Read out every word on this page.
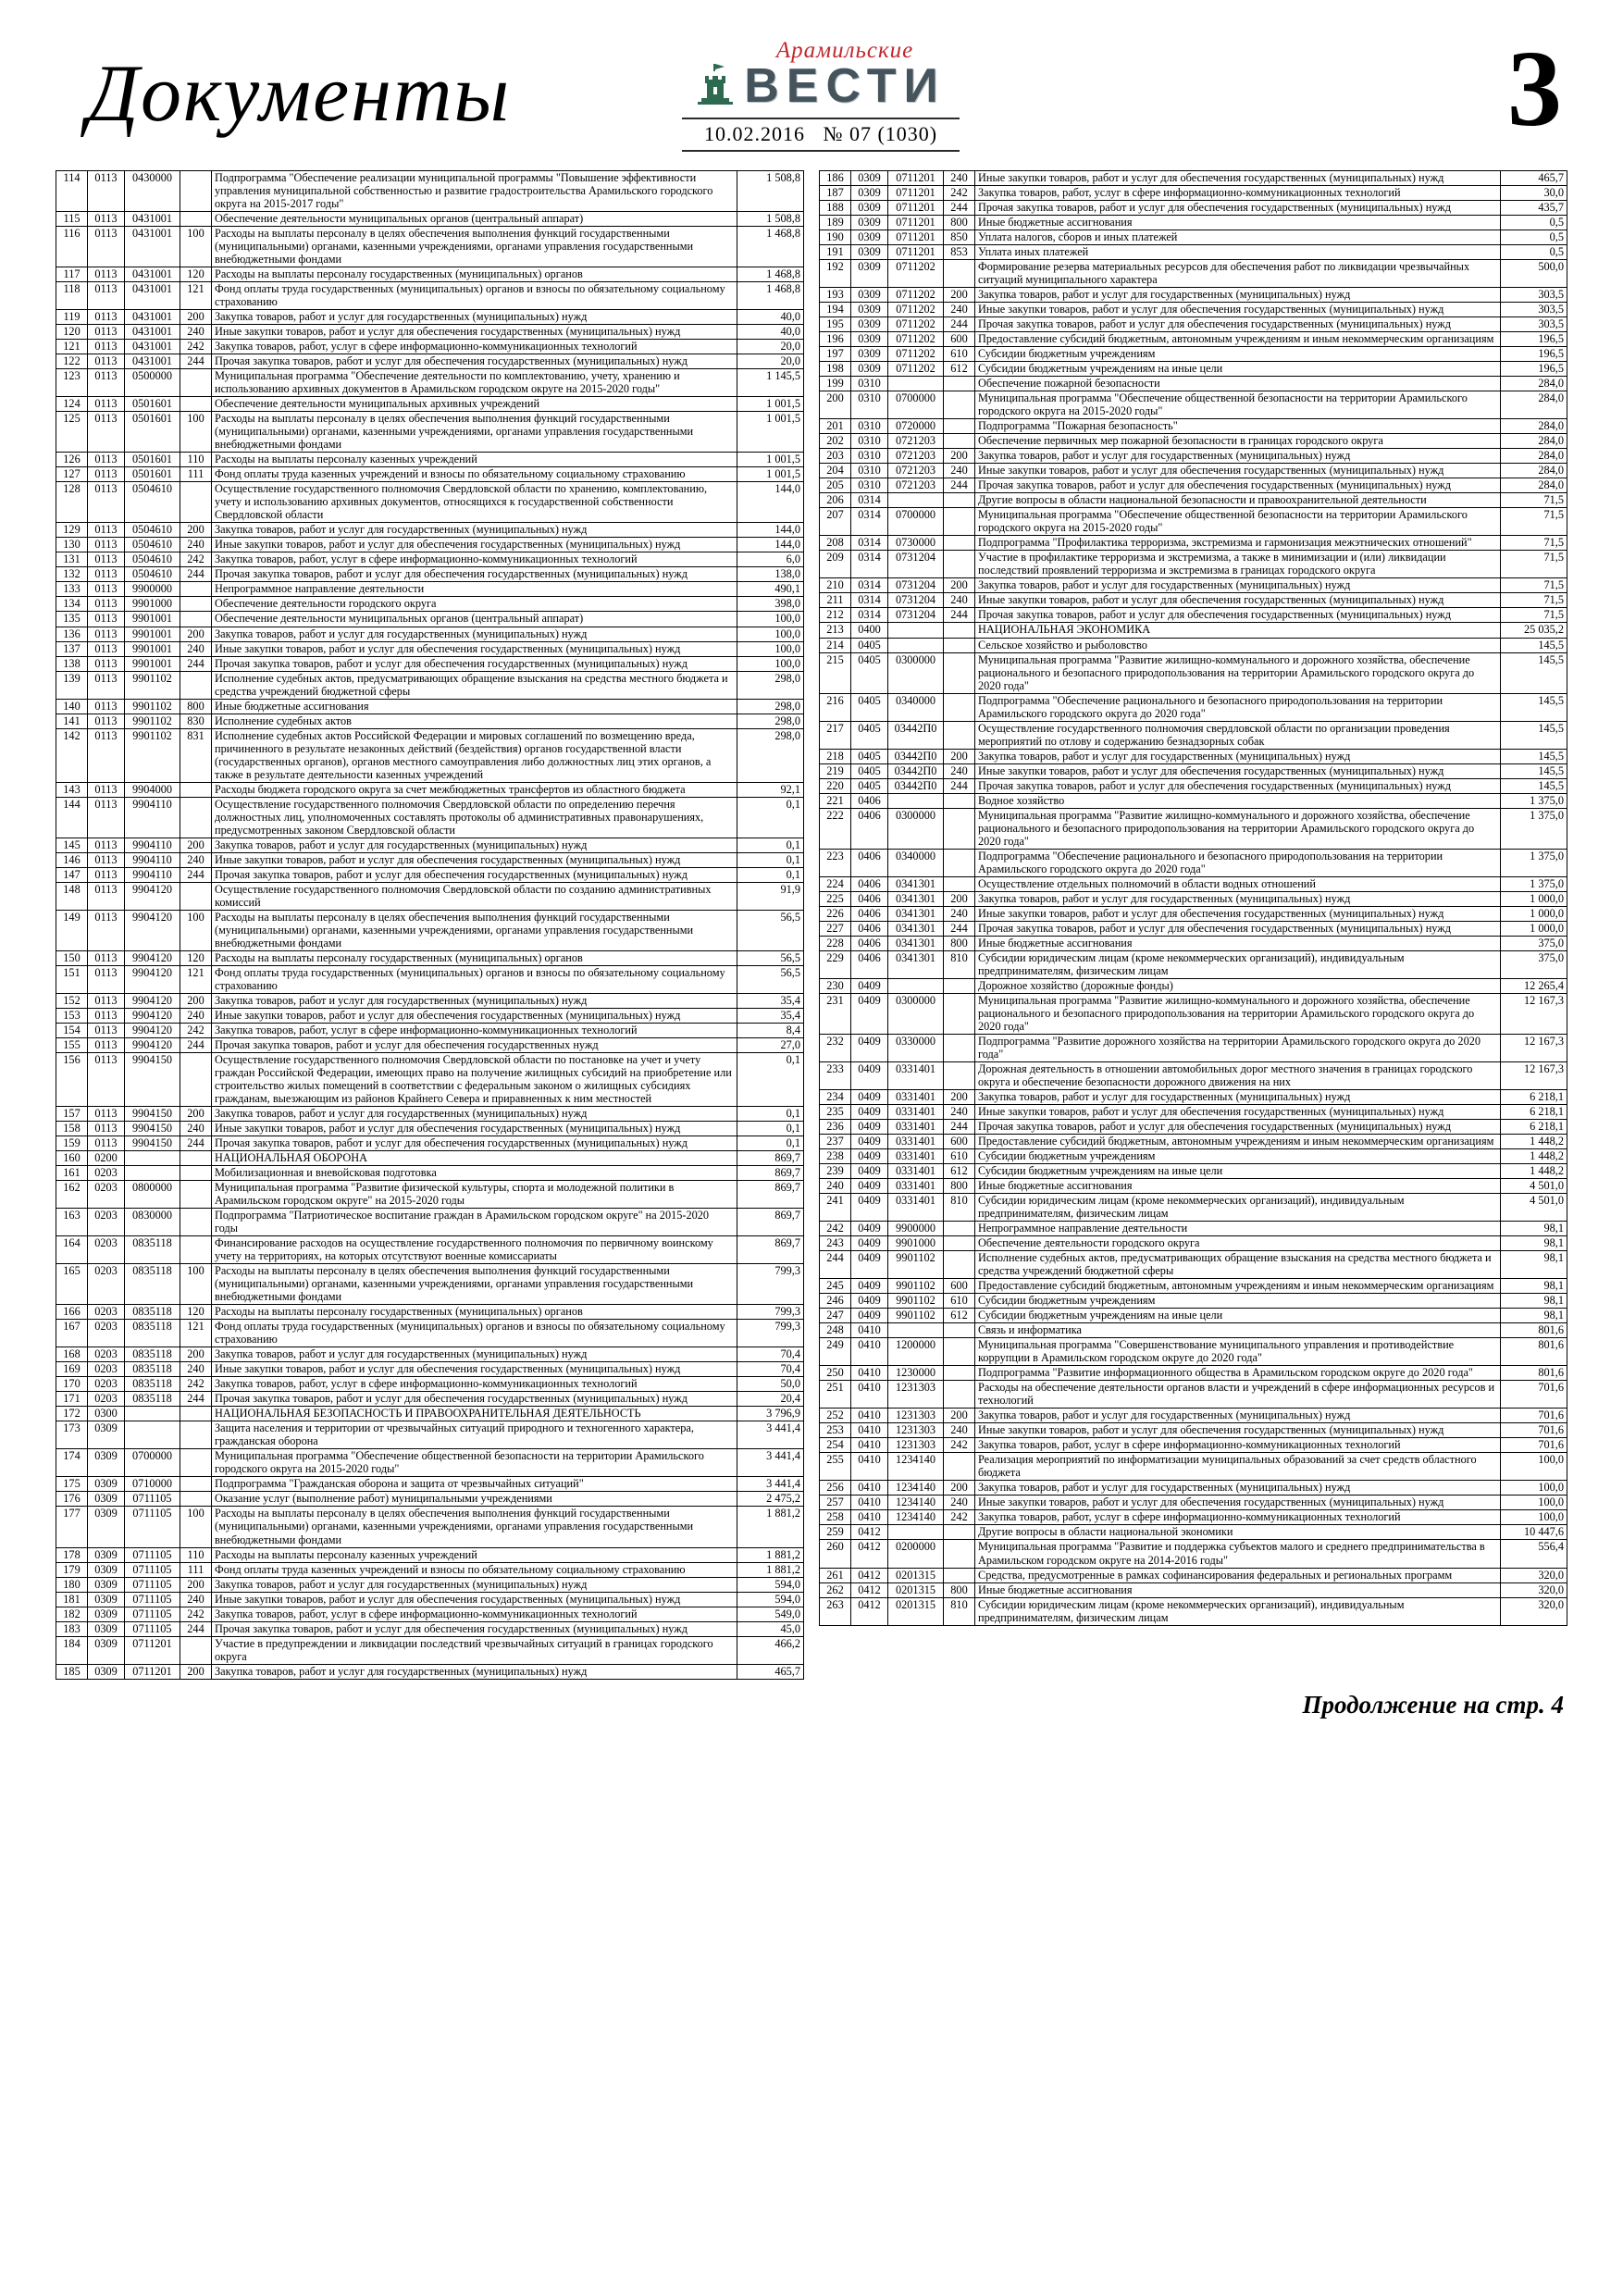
Документы	Арамильские
ВЕСТИ
10.02.2016 № 07 (1030)	3
114	0113	0430000		Подпрограмма "Обеспечение реализации муниципальной программы "Повышение эффективности управления муниципальной собственностью и развитие градостроительства Арамильского городского округа на 2015-2017 годы"	1 508,8
115	0113	0431001		Обеспечение деятельности муниципальных органов (центральный аппарат)	1 508,8
116	0113	0431001	100	Расходы на выплаты персоналу в целях обеспечения выполнения функций государственными (муниципальными) органами, казенными учреждениями, органами управления государственными внебюджетными фондами	1 468,8
117	0113	0431001	120	Расходы на выплаты персоналу государственных (муниципальных) органов	1 468,8
118	0113	0431001	121	Фонд оплаты труда государственных (муниципальных) органов и взносы по обязательному социальному страхованию	1 468,8
119	0113	0431001	200	Закупка товаров, работ и услуг для государственных (муниципальных) нужд	40,0
120	0113	0431001	240	Иные закупки товаров, работ и услуг для обеспечения государственных (муниципальных) нужд	40,0
121	0113	0431001	242	Закупка товаров, работ, услуг в сфере информационно-коммуникационных технологий	20,0
122	0113	0431001	244	Прочая закупка товаров, работ и услуг для обеспечения государственных (муниципальных) нужд	20,0
123	0113	0500000		Муниципальная программа "Обеспечение деятельности по комплектованию, учету, хранению и использованию архивных документов в Арамильском городском округе на 2015-2020 годы"	1 145,5
124	0113	0501601		Обеспечение деятельности муниципальных архивных учреждений	1 001,5
125	0113	0501601	100	Расходы на выплаты персоналу в целях обеспечения выполнения функций государственными (муниципальными) органами, казенными учреждениями, органами управления государственными внебюджетными фондами	1 001,5
126	0113	0501601	110	Расходы на выплаты персоналу казенных учреждений	1 001,5
127	0113	0501601	111	Фонд оплаты труда казенных учреждений и взносы по обязательному социальному страхованию	1 001,5
128	0113	0504610		Осуществление государственного полномочия Свердловской области по хранению, комплектованию, учету и использованию архивных документов, относящихся к государственной собственности Свердловской области	144,0
129	0113	0504610	200	Закупка товаров, работ и услуг для государственных (муниципальных) нужд	144,0
130	0113	0504610	240	Иные закупки товаров, работ и услуг для обеспечения государственных (муниципальных) нужд	144,0
131	0113	0504610	242	Закупка товаров, работ, услуг в сфере информационно-коммуникационных технологий	6,0
132	0113	0504610	244	Прочая закупка товаров, работ и услуг для обеспечения государственных (муниципальных) нужд	138,0
133	0113	9900000		Непрограммное направление деятельности	490,1
134	0113	9901000		Обеспечение деятельности городского округа	398,0
135	0113	9901001		Обеспечение деятельности муниципальных органов (центральный аппарат)	100,0
136	0113	9901001	200	Закупка товаров, работ и услуг для государственных (муниципальных) нужд	100,0
137	0113	9901001	240	Иные закупки товаров, работ и услуг для обеспечения государственных (муниципальных) нужд	100,0
138	0113	9901001	244	Прочая закупка товаров, работ и услуг для обеспечения государственных (муниципальных) нужд	100,0
139	0113	9901102		Исполнение судебных актов, предусматривающих обращение взыскания на средства местного бюджета и средства учреждений бюджетной сферы	298,0
140	0113	9901102	800	Иные бюджетные ассигнования	298,0
141	0113	9901102	830	Исполнение судебных актов	298,0
142	0113	9901102	831	Исполнение судебных актов Российской Федерации и мировых соглашений по возмещению вреда, причиненного в результате незаконных действий (бездействия) органов государственной власти (государственных органов), органов местного самоуправления либо должностных лиц этих органов, а также в результате деятельности казенных учреждений	298,0
143	0113	9904000		Расходы бюджета городского округа за счет межбюджетных трансфертов из областного бюджета	92,1
144	0113	9904110		Осуществление государственного полномочия Свердловской области по определению перечня должностных лиц, уполномоченных составлять протоколы об административных правонарушениях, предусмотренных законом Свердловской области	0,1
145	0113	9904110	200	Закупка товаров, работ и услуг для государственных (муниципальных) нужд	0,1
146	0113	9904110	240	Иные закупки товаров, работ и услуг для обеспечения государственных (муниципальных) нужд	0,1
147	0113	9904110	244	Прочая закупка товаров, работ и услуг для обеспечения государственных (муниципальных) нужд	0,1
148	0113	9904120		Осуществление государственного полномочия Свердловской области по созданию административных комиссий	91,9
149	0113	9904120	100	Расходы на выплаты персоналу в целях обеспечения выполнения функций государственными (муниципальными) органами, казенными учреждениями, органами управления государственными внебюджетными фондами	56,5
150	0113	9904120	120	Расходы на выплаты персоналу государственных (муниципальных) органов	56,5
151	0113	9904120	121	Фонд оплаты труда государственных (муниципальных) органов и взносы по обязательному социальному страхованию	56,5
152	0113	9904120	200	Закупка товаров, работ и услуг для государственных (муниципальных) нужд	35,4
153	0113	9904120	240	Иные закупки товаров, работ и услуг для обеспечения государственных (муниципальных) нужд	35,4
154	0113	9904120	242	Закупка товаров, работ, услуг в сфере информационно-коммуникационных технологий	8,4
155	0113	9904120	244	Прочая закупка товаров, работ и услуг для обеспечения государственных нужд	27,0
156	0113	9904150		Осуществление государственного полномочия Свердловской области по постановке на учет и учету граждан Российской Федерации, имеющих право на получение жилищных субсидий на приобретение или строительство жилых помещений в соответствии с федеральным законом о жилищных субсидиях гражданам, выезжающим из районов Крайнего Севера и приравненных к ним местностей	0,1
157	0113	9904150	200	Закупка товаров, работ и услуг для государственных (муниципальных) нужд	0,1
158	0113	9904150	240	Иные закупки товаров, работ и услуг для обеспечения государственных (муниципальных) нужд	0,1
159	0113	9904150	244	Прочая закупка товаров, работ и услуг для обеспечения государственных (муниципальных) нужд	0,1
160	0200			НАЦИОНАЛЬНАЯ ОБОРОНА	869,7
161	0203			Мобилизационная и вневойсковая подготовка	869,7
162	0203	0800000		Муниципальная программа "Развитие физической культуры, спорта и молодежной политики в Арамильском городском округе" на 2015-2020 годы	869,7
163	0203	0830000		Подпрограмма "Патриотическое воспитание граждан в Арамильском городском округе" на 2015-2020 годы	869,7
164	0203	0835118		Финансирование расходов на осуществление государственного полномочия по первичному воинскому учету на территориях, на которых отсутствуют военные комиссариаты	869,7
165	0203	0835118	100	Расходы на выплаты персоналу в целях обеспечения выполнения функций государственными (муниципальными) органами, казенными учреждениями, органами управления государственными внебюджетными фондами	799,3
166	0203	0835118	120	Расходы на выплаты персоналу государственных (муниципальных) органов	799,3
167	0203	0835118	121	Фонд оплаты труда государственных (муниципальных) органов и взносы по обязательному социальному страхованию	799,3
168	0203	0835118	200	Закупка товаров, работ и услуг для государственных (муниципальных) нужд	70,4
169	0203	0835118	240	Иные закупки товаров, работ и услуг для обеспечения государственных (муниципальных) нужд	70,4
170	0203	0835118	242	Закупка товаров, работ, услуг в сфере информационно-коммуникационных технологий	50,0
171	0203	0835118	244	Прочая закупка товаров, работ и услуг для обеспечения государственных (муниципальных) нужд	20,4
172	0300			НАЦИОНАЛЬНАЯ БЕЗОПАСНОСТЬ И ПРАВООХРАНИТЕЛЬНАЯ ДЕЯТЕЛЬНОСТЬ	3 796,9
173	0309			Защита населения и территории от чрезвычайных ситуаций природного и техногенного характера, гражданская оборона	3 441,4
174	0309	0700000		Муниципальная программа "Обеспечение общественной безопасности на территории Арамильского городского округа на 2015-2020 годы"	3 441,4
175	0309	0710000		Подпрограмма "Гражданская оборона и защита от чрезвычайных ситуаций"	3 441,4
176	0309	0711105		Оказание услуг (выполнение работ) муниципальными учреждениями	2 475,2
177	0309	0711105	100	Расходы на выплаты персоналу в целях обеспечения выполнения функций государственными (муниципальными) органами, казенными учреждениями, органами управления государственными внебюджетными фондами	1 881,2
178	0309	0711105	110	Расходы на выплаты персоналу казенных учреждений	1 881,2
179	0309	0711105	111	Фонд оплаты труда казенных учреждений и взносы по обязательному социальному страхованию	1 881,2
180	0309	0711105	200	Закупка товаров, работ и услуг для государственных (муниципальных) нужд	594,0
181	0309	0711105	240	Иные закупки товаров, работ и услуг для обеспечения государственных (муниципальных) нужд	594,0
182	0309	0711105	242	Закупка товаров, работ, услуг в сфере информационно-коммуникационных технологий	549,0
183	0309	0711105	244	Прочая закупка товаров, работ и услуг для обеспечения государственных (муниципальных) нужд	45,0
184	0309	0711201		Участие в предупреждении и ликвидации последствий чрезвычайных ситуаций в границах городского округа	466,2
185	0309	0711201	200	Закупка товаров, работ и услуг для государственных (муниципальных) нужд	465,7
186	0309	0711201	240	Иные закупки товаров, работ и услуг для обеспечения государственных (муниципальных) нужд	465,7
187	0309	0711201	242	Закупка товаров, работ, услуг в сфере информационно-коммуникационных технологий	30,0
188	0309	0711201	244	Прочая закупка товаров, работ и услуг для обеспечения государственных (муниципальных) нужд	435,7
189	0309	0711201	800	Иные бюджетные ассигнования	0,5
190	0309	0711201	850	Уплата налогов, сборов и иных платежей	0,5
191	0309	0711201	853	Уплата иных платежей	0,5
192	0309	0711202		Формирование резерва материальных ресурсов для обеспечения работ по ликвидации чрезвычайных ситуаций муниципального характера	500,0
193	0309	0711202	200	Закупка товаров, работ и услуг для государственных (муниципальных) нужд	303,5
194	0309	0711202	240	Иные закупки товаров, работ и услуг для обеспечения государственных (муниципальных) нужд	303,5
195	0309	0711202	244	Прочая закупка товаров, работ и услуг для обеспечения государственных (муниципальных) нужд	303,5
196	0309	0711202	600	Предоставление субсидий бюджетным, автономным учреждениям и иным некоммерческим организациям	196,5
197	0309	0711202	610	Субсидии бюджетным учреждениям	196,5
198	0309	0711202	612	Субсидии бюджетным учреждениям на иные цели	196,5
199	0310			Обеспечение пожарной безопасности	284,0
200	0310	0700000		Муниципальная программа "Обеспечение общественной безопасности на территории Арамильского городского округа на 2015-2020 годы"	284,0
201	0310	0720000		Подпрограмма "Пожарная безопасность"	284,0
202	0310	0721203		Обеспечение первичных мер пожарной безопасности в границах городского округа	284,0
203	0310	0721203	200	Закупка товаров, работ и услуг для государственных (муниципальных) нужд	284,0
204	0310	0721203	240	Иные закупки товаров, работ и услуг для обеспечения государственных (муниципальных) нужд	284,0
205	0310	0721203	244	Прочая закупка товаров, работ и услуг для обеспечения государственных (муниципальных) нужд	284,0
206	0314			Другие вопросы в области национальной безопасности и правоохранительной деятельности	71,5
207	0314	0700000		Муниципальная программа "Обеспечение общественной безопасности на территории Арамильского городского округа на 2015-2020 годы"	71,5
208	0314	0730000		Подпрограмма "Профилактика терроризма, экстремизма и гармонизация межэтнических отношений"	71,5
209	0314	0731204		Участие в профилактике терроризма и экстремизма, а также в минимизации и (или) ликвидации последствий проявлений терроризма и экстремизма в границах городского округа	71,5
210	0314	0731204	200	Закупка товаров, работ и услуг для государственных (муниципальных) нужд	71,5
211	0314	0731204	240	Иные закупки товаров, работ и услуг для обеспечения государственных (муниципальных) нужд	71,5
212	0314	0731204	244	Прочая закупка товаров, работ и услуг для обеспечения государственных (муниципальных) нужд	71,5
213	0400			НАЦИОНАЛЬНАЯ ЭКОНОМИКА	25 035,2
214	0405			Сельское хозяйство и рыболовство	145,5
215	0405	0300000		Муниципальная программа "Развитие жилищно-коммунального и дорожного хозяйства, обеспечение рационального и безопасного природопользования на территории Арамильского городского округа до 2020 года"	145,5
216	0405	0340000		Подпрограмма "Обеспечение рационального и безопасного природопользования на территории Арамильского городского округа до 2020 года"	145,5
217	0405	03442П0		Осуществление государственного полномочия свердловской области по организации проведения мероприятий по отлову и содержанию безнадзорных собак	145,5
218	0405	03442П0	200	Закупка товаров, работ и услуг для государственных (муниципальных) нужд	145,5
219	0405	03442П0	240	Иные закупки товаров, работ и услуг для обеспечения государственных (муниципальных) нужд	145,5
220	0405	03442П0	244	Прочая закупка товаров, работ и услуг для обеспечения государственных (муниципальных) нужд	145,5
221	0406			Водное хозяйство	1 375,0
222	0406	0300000		Муниципальная программа "Развитие жилищно-коммунального и дорожного хозяйства, обеспечение рационального и безопасного природопользования на территории Арамильского городского округа до 2020 года"	1 375,0
223	0406	0340000		Подпрограмма "Обеспечение рационального и безопасного природопользования на территории Арамильского городского округа до 2020 года"	1 375,0
224	0406	0341301		Осуществление отдельных полномочий в области водных отношений	1 375,0
225	0406	0341301	200	Закупка товаров, работ и услуг для государственных (муниципальных) нужд	1 000,0
226	0406	0341301	240	Иные закупки товаров, работ и услуг для обеспечения государственных (муниципальных) нужд	1 000,0
227	0406	0341301	244	Прочая закупка товаров, работ и услуг для обеспечения государственных (муниципальных) нужд	1 000,0
228	0406	0341301	800	Иные бюджетные ассигнования	375,0
229	0406	0341301	810	Субсидии юридическим лицам (кроме некоммерческих организаций), индивидуальным предпринимателям, физическим лицам	375,0
230	0409			Дорожное хозяйство (дорожные фонды)	12 265,4
231	0409	0300000		Муниципальная программа "Развитие жилищно-коммунального и дорожного хозяйства, обеспечение рационального и безопасного природопользования на территории Арамильского городского округа до 2020 года"	12 167,3
232	0409	0330000		Подпрограмма "Развитие дорожного хозяйства на территории Арамильского городского округа до 2020 года"	12 167,3
233	0409	0331401		Дорожная деятельность в отношении автомобильных дорог местного значения в границах городского округа и обеспечение безопасности дорожного движения на них	12 167,3
234	0409	0331401	200	Закупка товаров, работ и услуг для государственных (муниципальных) нужд	6 218,1
235	0409	0331401	240	Иные закупки товаров, работ и услуг для обеспечения государственных (муниципальных) нужд	6 218,1
236	0409	0331401	244	Прочая закупка товаров, работ и услуг для обеспечения государственных (муниципальных) нужд	6 218,1
237	0409	0331401	600	Предоставление субсидий бюджетным, автономным учреждениям и иным некоммерческим организациям	1 448,2
238	0409	0331401	610	Субсидии бюджетным учреждениям	1 448,2
239	0409	0331401	612	Субсидии бюджетным учреждениям на иные цели	1 448,2
240	0409	0331401	800	Иные бюджетные ассигнования	4 501,0
241	0409	0331401	810	Субсидии юридическим лицам (кроме некоммерческих организаций), индивидуальным предпринимателям, физическим лицам	4 501,0
242	0409	9900000		Непрограммное направление деятельности	98,1
243	0409	9901000		Обеспечение деятельности городского округа	98,1
244	0409	9901102		Исполнение судебных актов, предусматривающих обращение взыскания на средства местного бюджета и средства учреждений бюджетной сферы	98,1
245	0409	9901102	600	Предоставление субсидий бюджетным, автономным учреждениям и иным некоммерческим организациям	98,1
246	0409	9901102	610	Субсидии бюджетным учреждениям	98,1
247	0409	9901102	612	Субсидии бюджетным учреждениям на иные цели	98,1
248	0410			Связь и информатика	801,6
249	0410	1200000		Муниципальная программа "Совершенствование муниципального управления и противодействие коррупции в Арамильском городском округе до 2020 года"	801,6
250	0410	1230000		Подпрограмма "Развитие информационного общества в Арамильском городском округе до 2020 года"	801,6
251	0410	1231303		Расходы на обеспечение деятельности органов власти и учреждений в сфере информационных ресурсов и технологий	701,6
252	0410	1231303	200	Закупка товаров, работ и услуг для государственных (муниципальных) нужд	701,6
253	0410	1231303	240	Иные закупки товаров, работ и услуг для обеспечения государственных (муниципальных) нужд	701,6
254	0410	1231303	242	Закупка товаров, работ, услуг в сфере информационно-коммуникационных технологий	701,6
255	0410	1234140		Реализация мероприятий по информатизации муниципальных образований за счет средств областного бюджета	100,0
256	0410	1234140	200	Закупка товаров, работ и услуг для государственных (муниципальных) нужд	100,0
257	0410	1234140	240	Иные закупки товаров, работ и услуг для обеспечения государственных (муниципальных) нужд	100,0
258	0410	1234140	242	Закупка товаров, работ, услуг в сфере информационно-коммуникационных технологий	100,0
259	0412			Другие вопросы в области национальной экономики	10 447,6
260	0412	0200000		Муниципальная программа "Развитие и поддержка субъектов малого и среднего предпринимательства в Арамильском городском округе на 2014-2016 годы"	556,4
261	0412	0201315		Средства, предусмотренные в рамках софинансирования федеральных и региональных программ	320,0
262	0412	0201315	800	Иные бюджетные ассигнования	320,0
263	0412	0201315	810	Субсидии юридическим лицам (кроме некоммерческих организаций), индивидуальным предпринимателям, физическим лицам	320,0
Продолжение на стр. 4
